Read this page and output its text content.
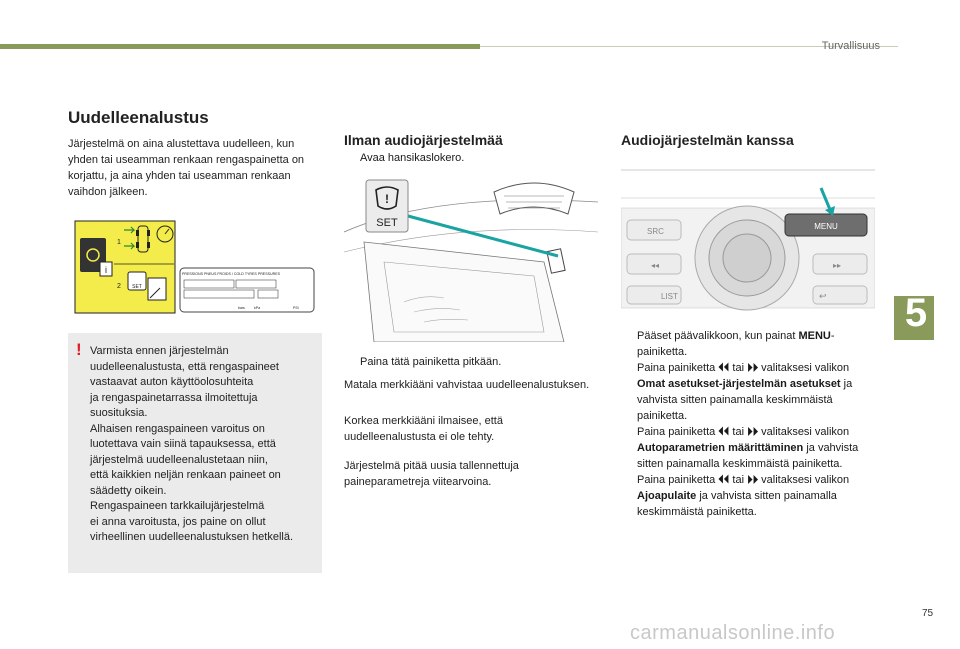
Turvallisuus
Uudelleenalustus
Järjestelmä on aina alustettava uudelleen, kun yhden tai useamman renkaan rengaspainetta on korjattu, ja aina yhden tai useamman renkaan vaihdon jälkeen.
i
1
2 SET
PRESSIONS PNEUS FROIDS / COLD TYRES PRESSURES
bars	kPa	PSI
! Varmista ennen järjestelmän
uudelleenalustusta, että rengaspaineet
vastaavat auton käyttöolosuhteita
ja rengaspainetarrassa ilmoitettuja
suosituksia.
Alhaisen rengaspaineen varoitus on
luotettava vain siinä tapauksessa, että
järjestelmä uudelleenalustetaan niin,
että kaikkien neljän renkaan paineet on
säädetty oikein.
Rengaspaineen tarkkailujärjestelmä
ei anna varoitusta, jos paine on ollut
virheellinen uudelleenalustuksen hetkellä.
Ilman audiojärjestelmää
Avaa hansikaslokero.
!
SET
Paina tätä painiketta pitkään.
Matala merkkiääni vahvistaa uudelleenalustuksen.
Korkea merkkiääni ilmaisee, että uudelleenalustusta ei ole tehty.
Järjestelmä pitää uusia tallennettuja paineparametreja viitearvoina.
Audiojärjestelmän kanssa
SRC
MENU
◂◂	▸▸
LIST	↩
Pääset päävalikkoon, kun painat MENU-painiketta.
Paina painiketta ⏴⏴ tai ⏵⏵ valitaksesi valikon Omat asetukset-järjestelmän asetukset ja vahvista sitten painamalla keskimmäistä painiketta.
Paina painiketta ⏴⏴ tai ⏵⏵ valitaksesi valikon Autoparametrien määrittäminen ja vahvista sitten painamalla keskimmäistä painiketta.
Paina painiketta ⏴⏴ tai ⏵⏵ valitaksesi valikon Ajoapulaite ja vahvista sitten painamalla keskimmäistä painiketta.
5
75
carmanualsonline.info
